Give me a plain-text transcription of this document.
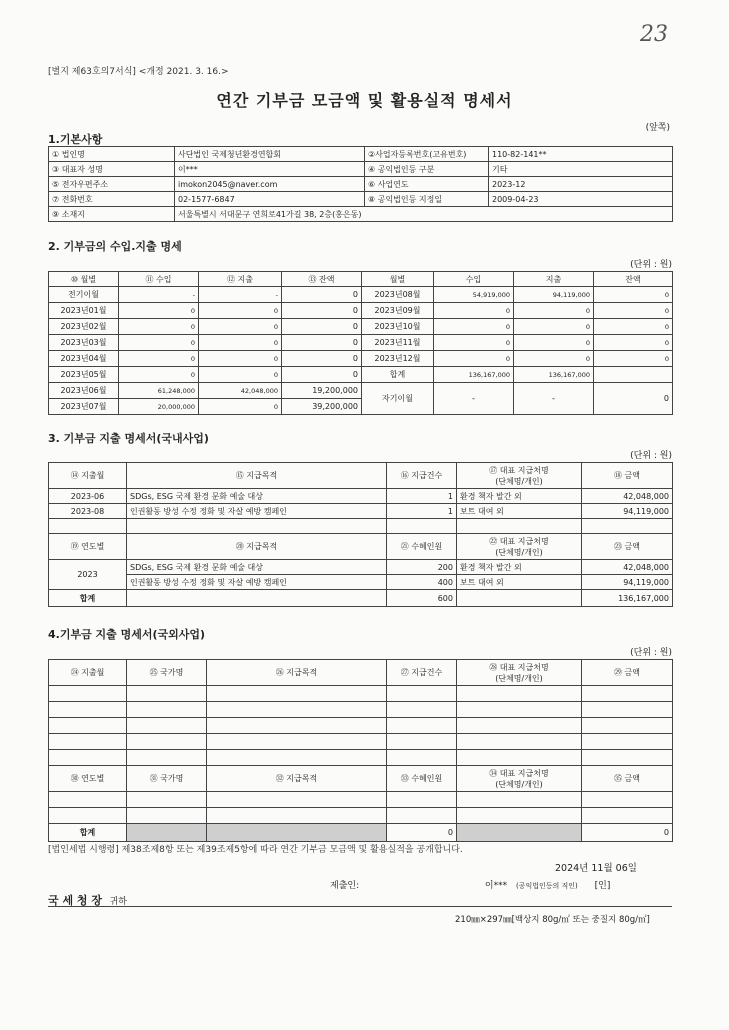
23
[별지 제63호의7서식] <개정 2021. 3. 16.>
연간 기부금 모금액 및 활용실적 명세서
(앞쪽)
1.기본사항
① 법인명	사단법인 국제청년환경연합회	②사업자등록번호(고유번호)	110-82-141**
③ 대표자 성명	이***	④ 공익법인등 구분	기타
⑤ 전자우편주소	imokon2045@naver.com	⑥ 사업연도	2023-12
⑦ 전화번호	02-1577-6847	⑧ 공익법인등 지정일	2009-04-23
⑨ 소재지	서울특별시 서대문구 연희로41가길 38, 2층(홍은동)		
2. 기부금의 수입.지출 명세
(단위 : 원)
⑩ 월별	⑪ 수입	⑫ 지출	⑬ 잔액	월별	수입	지출	잔액
전기이월	-	-	0	2023년08월	54,919,000	94,119,000	0
2023년01월	0	0	0	2023년09월	0	0	0
2023년02월	0	0	0	2023년10월	0	0	0
2023년03월	0	0	0	2023년11월	0	0	0
2023년04월	0	0	0	2023년12월	0	0	0
2023년05월	0	0	0	합계	136,167,000	136,167,000	
2023년06월	61,248,000	42,048,000	19,200,000	자기이월	-	-	0
2023년07월	20,000,000	0	39,200,000				
3. 기부금 지출 명세서(국내사업)
(단위 : 원)
⑭ 지출월	⑮ 지급목적	⑯ 지급건수	⑰ 대표 지급처명
(단체명/개인)	⑱ 금액
2023-06	SDGs, ESG 국제 환경 문화 예술 대상	1	환경 책자 발간 외	42,048,000
2023-08	인권활동 방성 수정 정화 및 자살 예방 캠페인	1	보트 대여 외	94,119,000

⑲ 연도별	⑳ 지급목적	㉑ 수혜인원	㉒ 대표 지급처명
(단체명/개인)	㉓ 금액
2023	SDGs, ESG 국제 환경 문화 예술 대상	200	환경 책자 발간 외	42,048,000
	인권활동 방성 수정 정화 및 자살 예방 캠페인	400	보트 대여 외	94,119,000
합계		600		136,167,000
4.기부금 지출 명세서(국외사업)
(단위 : 원)
㉔ 지출월	㉕ 국가명	㉖ 지급목적	㉗ 지급건수	㉘ 대표 지급처명
(단체명/개인)	㉙ 금액

㉚ 연도별	㉛ 국가명	㉜ 지급목적	㉝ 수혜인원	㉞ 대표 지급처명
(단체명/개인)	㉟ 금액

합계			0		0
[법인세법 시행령] 제38조제8항 또는 제39조제5항에 따라 연간 기부금 모금액 및 활용실적을 공개합니다.
2024년 11월 06일
제출인:	이*** (공익법인등의 직인) [인]
국 세 청 장 귀하
210㎜×297㎜[백상지 80g/㎡ 또는 중질지 80g/㎡]
